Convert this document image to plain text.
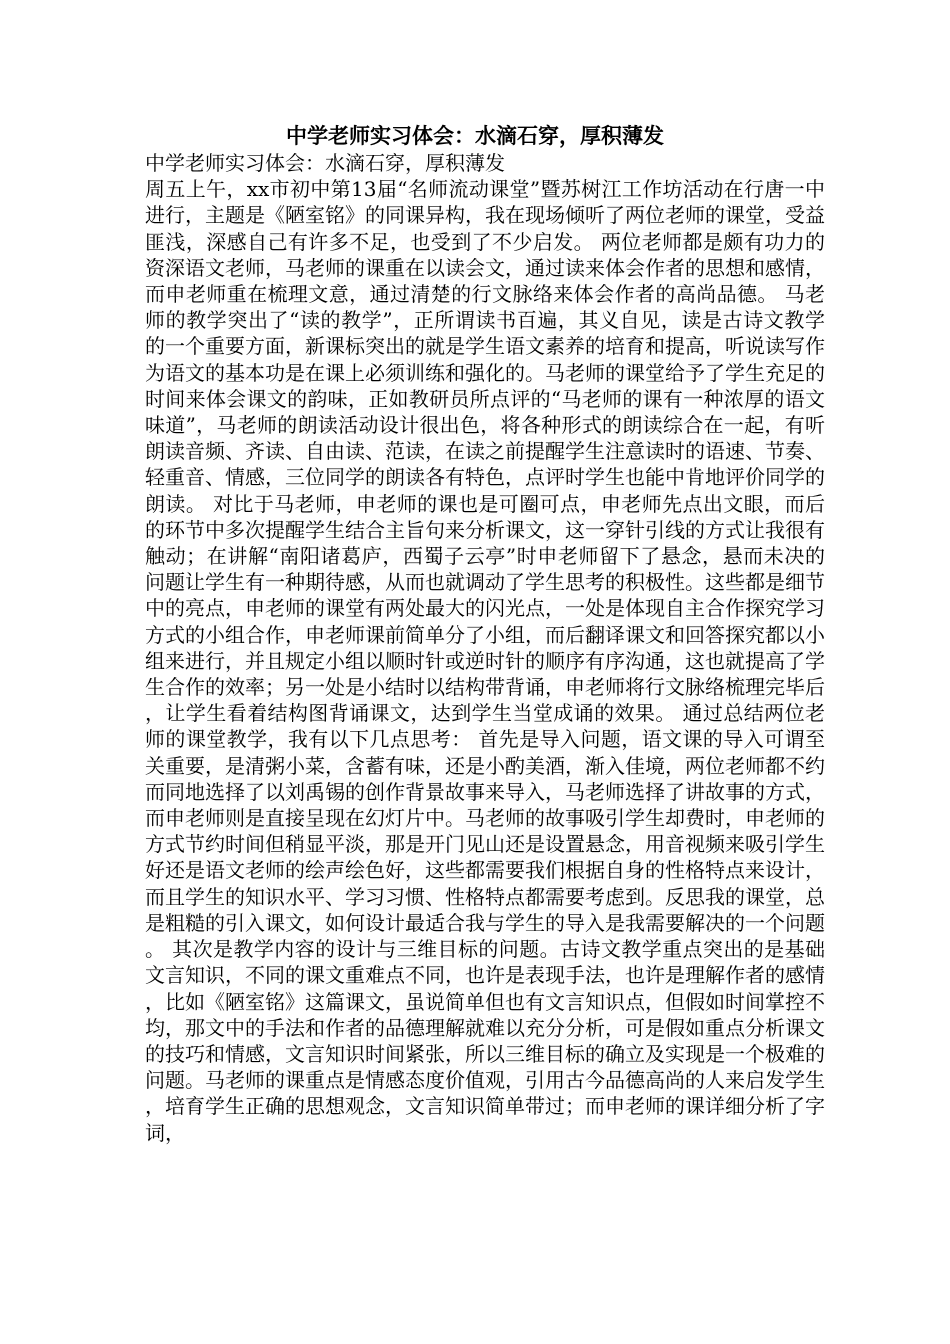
中学老师实习体会：水滴石穿，厚积薄发

中学老师实习体会：水滴石穿，厚积薄发

周五上午，xx市初中第13届“名师流动课堂”暨苏树江工作坊活动在行唐一中进行，主题是《陋室铭》的同课异构，我在现场倾听了两位老师的课堂，受益匪浅，深感自己有许多不足，也受到了不少启发。 两位老师都是颇有功力的资深语文老师，马老师的课重在以读会文，通过读来体会作者的思想和感情，而申老师重在梳理文意，通过清楚的行文脉络来体会作者的高尚品德。 马老师的教学突出了“读的教学”，正所谓读书百遍，其义自见，读是古诗文教学的一个重要方面，新课标突出的就是学生语文素养的培育和提高，听说读写作为语文的基本功是在课上必须训练和强化的。马老师的课堂给予了学生充足的时间来体会课文的韵味，正如教研员所点评的“马老师的课有一种浓厚的语文味道”，马老师的朗读活动设计很出色，将各种形式的朗读综合在一起，有听朗读音频、齐读、自由读、范读，在读之前提醒学生注意读时的语速、节奏、轻重音、情感，三位同学的朗读各有特色，点评时学生也能中肯地评价同学的朗读。 对比于马老师，申老师的课也是可圈可点，申老师先点出文眼，而后的环节中多次提醒学生结合主旨句来分析课文，这一穿针引线的方式让我很有触动；在讲解“南阳诸葛庐，西蜀子云亭”时申老师留下了悬念，悬而未决的问题让学生有一种期待感，从而也就调动了学生思考的积极性。这些都是细节中的亮点，申老师的课堂有两处最大的闪光点，一处是体现自主合作探究学习方式的小组合作，申老师课前简单分了小组，而后翻译课文和回答探究都以小组来进行，并且规定小组以顺时针或逆时针的顺序有序沟通，这也就提高了学生合作的效率；另一处是小结时以结构带背诵，申老师将行文脉络梳理完毕后，让学生看着结构图背诵课文，达到学生当堂成诵的效果。 通过总结两位老师的课堂教学，我有以下几点思考： 首先是导入问题，语文课的导入可谓至关重要，是清粥小菜，含蓄有味，还是小酌美酒，渐入佳境，两位老师都不约而同地选择了以刘禹锡的创作背景故事来导入，马老师选择了讲故事的方式，而申老师则是直接呈现在幻灯片中。马老师的故事吸引学生却费时，申老师的方式节约时间但稍显平淡，那是开门见山还是设置悬念，用音视频来吸引学生好还是语文老师的绘声绘色好，这些都需要我们根据自身的性格特点来设计，而且学生的知识水平、学习习惯、性格特点都需要考虑到。反思我的课堂，总是粗糙的引入课文，如何设计最适合我与学生的导入是我需要解决的一个问题。 其次是教学内容的设计与三维目标的问题。古诗文教学重点突出的是基础文言知识，不同的课文重难点不同，也许是表现手法，也许是理解作者的感情，比如《陋室铭》这篇课文，虽说简单但也有文言知识点，但假如时间掌控不均，那文中的手法和作者的品德理解就难以充分分析，可是假如重点分析课文的技巧和情感，文言知识时间紧张，所以三维目标的确立及实现是一个极难的问题。马老师的课重点是情感态度价值观，引用古今品德高尚的人来启发学生，培育学生正确的思想观念，文言知识简单带过；而申老师的课详细分析了字词，
